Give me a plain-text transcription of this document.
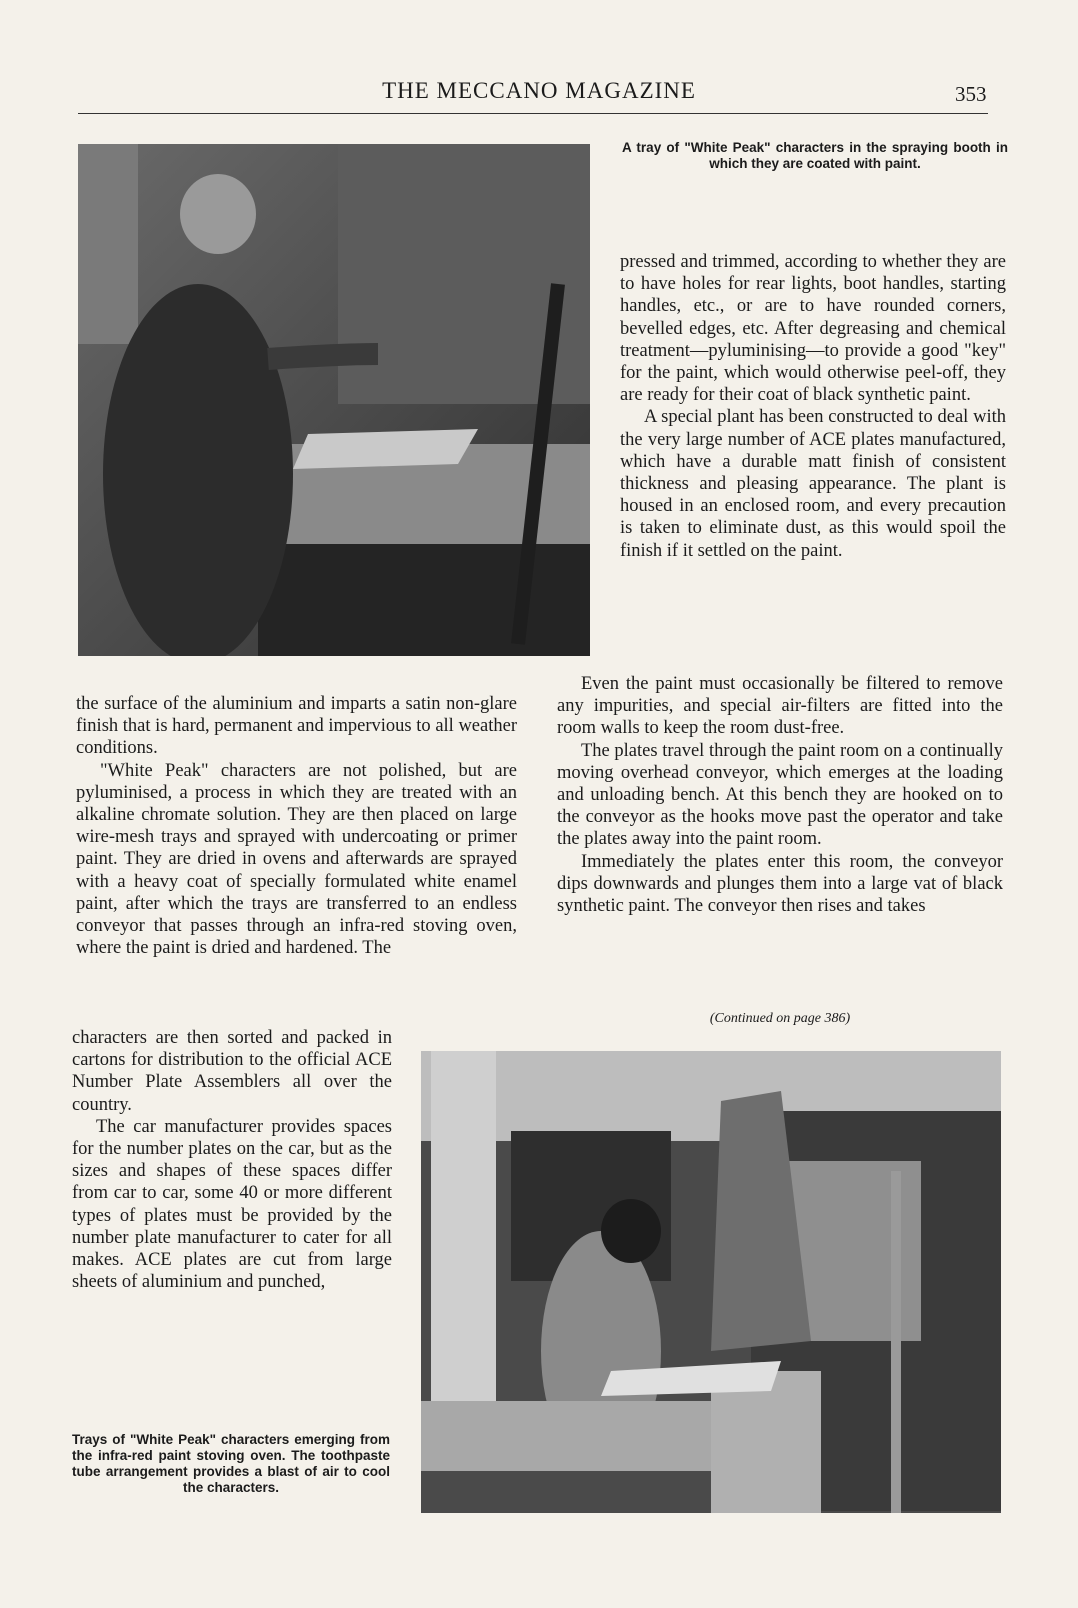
THE MECCANO MAGAZINE	353
A tray of "White Peak" characters in the spraying booth in which they are coated with paint.

pressed and trimmed, according to whether they are to have holes for rear lights, boot handles, starting handles, etc., or are to have rounded corners, bevelled edges, etc. After degreasing and chemical treatment—pyluminising—to provide a good "key" for the paint, which would otherwise peel-off, they are ready for their coat of black synthetic paint.

A special plant has been constructed to deal with the very large number of ACE plates manufactured, which have a durable matt finish of consistent thickness and pleasing appearance. The plant is housed in an enclosed room, and every precaution is taken to eliminate dust, as this would spoil the finish if it settled on the paint.

the surface of the aluminium and imparts a satin non-glare finish that is hard, permanent and impervious to all weather conditions.

"White Peak" characters are not polished, but are pyluminised, a process in which they are treated with an alkaline chromate solution. They are then placed on large wire-mesh trays and sprayed with undercoating or primer paint. They are dried in ovens and afterwards are sprayed with a heavy coat of specially formulated white enamel paint, after which the trays are transferred to an endless conveyor that passes through an infra-red stoving oven, where the paint is dried and hardened. The

characters are then sorted and packed in cartons for distribution to the official ACE Number Plate Assemblers all over the country.

The car manufacturer provides spaces for the number plates on the car, but as the sizes and shapes of these spaces differ from car to car, some 40 or more different types of plates must be provided by the number plate manufacturer to cater for all makes. ACE plates are cut from large sheets of aluminium and punched,

Even the paint must occasionally be filtered to remove any impurities, and special air-filters are fitted into the room walls to keep the room dust-free.

The plates travel through the paint room on a continually moving overhead conveyor, which emerges at the loading and unloading bench. At this bench they are hooked on to the conveyor as the hooks move past the operator and take the plates away into the paint room.

Immediately the plates enter this room, the conveyor dips downwards and plunges them into a large vat of black synthetic paint. The conveyor then rises and takes

(Continued on page 386)
Trays of "White Peak" characters emerging from the infra-red paint stoving oven. The toothpaste tube arrangement provides a blast of air to cool the characters.
